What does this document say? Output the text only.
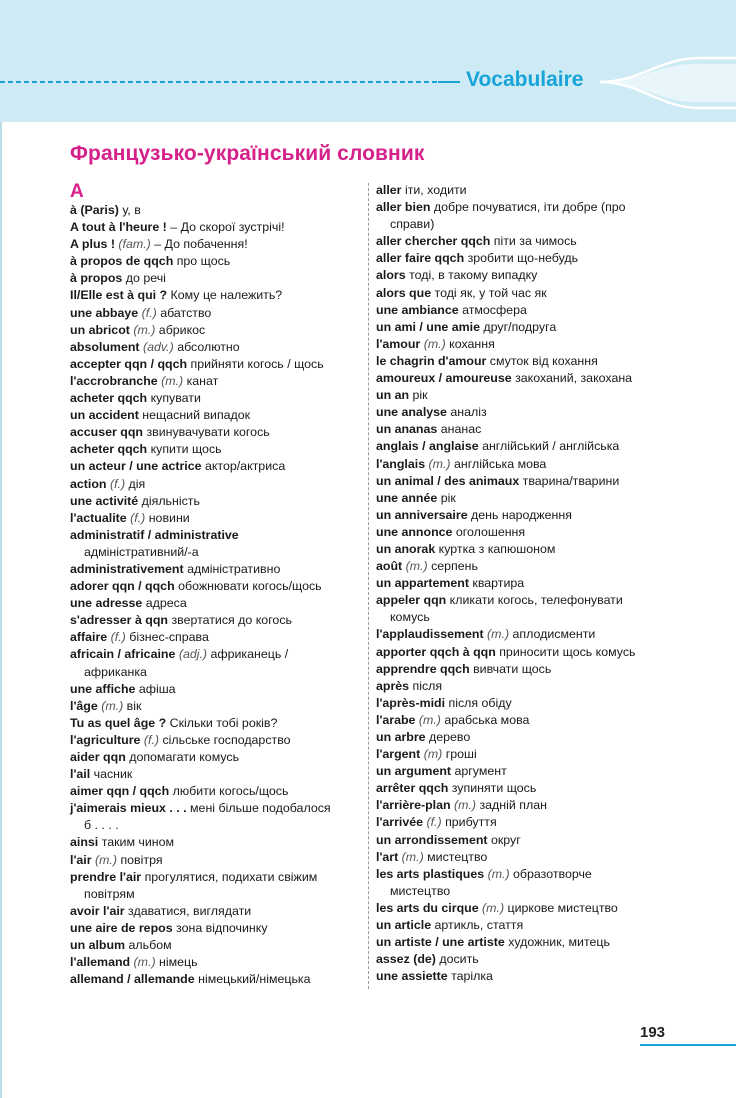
Vocabulaire
Французько-український словник
A
à (Paris) у, в
A tout à l'heure ! – До скорої зустрічі!
A plus ! (fam.) – До побачення!
à propos de qqch про щось
à propos до речі
Il/Elle est à qui ? Кому це належить?
une abbaye (f.) абатство
un abricot (m.) абрикос
absolument (adv.) абсолютно
accepter qqn / qqch прийняти когось / щось
l'accrobranche (m.) канат
acheter qqch купувати
un accident нещасний випадок
accuser qqn звинувачувати когось
acheter qqch купити щось
un acteur / une actrice актор/актриса
action (f.) дія
une activité діяльність
l'actualite (f.) новини
administratif / administrative
адміністративний/-а
administrativement адміністративно
adorer qqn / qqch обожнювати когось/щось
une adresse адреса
s'adresser à qqn звертатися до когось
affaire (f.) бізнес-справа
africain / africaine (adj.) африканець /
африканка
une affiche афіша
l'âge (m.) вік
Tu as quel âge ? Скільки тобі років?
l'agriculture (f.) сільське господарство
aider qqn допомагати комусь
l'ail часник
aimer qqn / qqch любити когось/щось
j'aimerais mieux . . . мені більше подобалося
б . . . .
ainsi таким чином
l'air (m.) повітря
prendre l'air прогулятися, подихати свіжим
повітрям
avoir l'air здаватися, виглядати
une aire de repos зона відпочинку
un album альбом
l'allemand (m.) німець
allemand / allemande німецький/німецька
aller іти, ходити
aller bien добре почуватися, іти добре (про
справи)
aller chercher qqch піти за чимось
aller faire qqch зробити що-небудь
alors тоді, в такому випадку
alors que тоді як, у той час як
une ambiance атмосфера
un ami / une amie друг/подруга
l'amour (m.) кохання
le chagrin d'amour смуток від кохання
amoureux / amoureuse закоханий, закохана
un an рік
une analyse аналіз
un ananas ананас
anglais / anglaise англійський / англійська
l'anglais (m.) англійська мова
un animal / des animaux тварина/тварини
une année рік
un anniversaire день народження
une annonce оголошення
un anorak куртка з капюшоном
août (m.) серпень
un appartement квартира
appeler qqn кликати когось, телефонувати
комусь
l'applaudissement (m.) аплодисменти
apporter qqch à qqn приносити щось комусь
apprendre qqch вивчати щось
après після
l'après-midi після обіду
l'arabe (m.) арабська мова
un arbre дерево
l'argent (m) гроші
un argument аргумент
arrêter qqch зупиняти щось
l'arrière-plan (m.) задній план
l'arrivée (f.) прибуття
un arrondissement округ
l'art (m.) мистецтво
les arts plastiques (m.) образотворче
мистецтво
les arts du cirque (m.) циркове мистецтво
un article артикль, стаття
un artiste / une artiste художник, митець
assez (de) досить
une assiette тарілка
193
